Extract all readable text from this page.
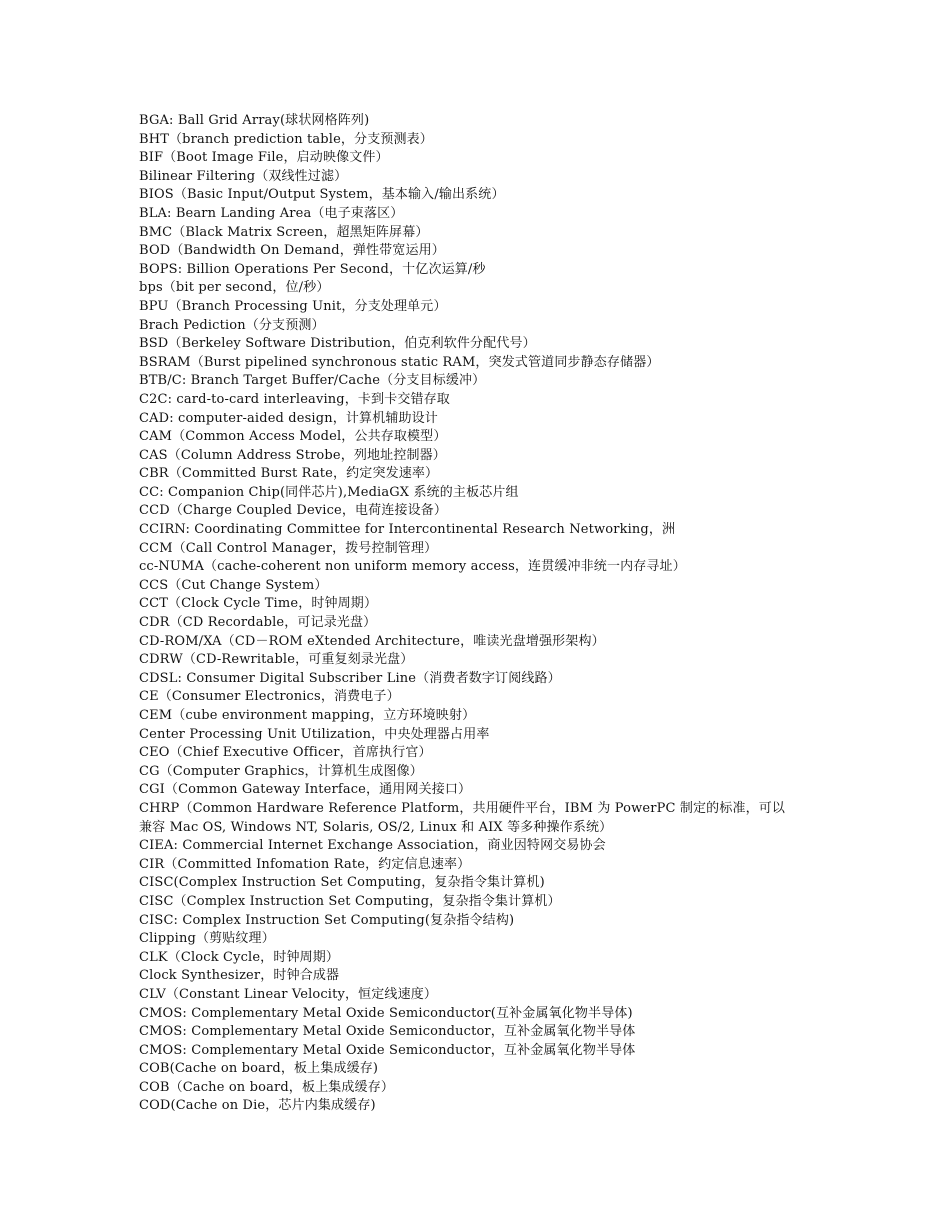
BGA: Ball Grid Array(球状网格阵列)
BHT（branch prediction table，分支预测表）
BIF（Boot Image File，启动映像文件）
Bilinear Filtering（双线性过滤）
BIOS（Basic Input/Output System，基本输入/输出系统）
BLA: Bearn Landing Area（电子束落区）
BMC（Black Matrix Screen，超黑矩阵屏幕）
BOD（Bandwidth On Demand，弹性带宽运用）
BOPS: Billion Operations Per Second，十亿次运算/秒
bps（bit per second，位/秒）
BPU（Branch Processing Unit，分支处理单元）
Brach Pediction（分支预测）
BSD（Berkeley Software Distribution，伯克利软件分配代号）
BSRAM（Burst pipelined synchronous static RAM，突发式管道同步静态存储器）
BTB/C: Branch Target Buffer/Cache（分支目标缓冲）
C2C: card-to-card interleaving，卡到卡交错存取
CAD: computer-aided design，计算机辅助设计
CAM（Common Access Model，公共存取模型）
CAS（Column Address Strobe，列地址控制器）
CBR（Committed Burst Rate，约定突发速率）
CC: Companion Chip(同伴芯片),MediaGX 系统的主板芯片组
CCD（Charge Coupled Device，电荷连接设备）
CCIRN: Coordinating Committee for Intercontinental Research Networking，洲
CCM（Call Control Manager，拨号控制管理）
cc-NUMA（cache-coherent non uniform memory access，连贯缓冲非统一内存寻址）
CCS（Cut Change System）
CCT（Clock Cycle Time，时钟周期）
CDR（CD Recordable，可记录光盘）
CD-ROM/XA（CD－ROM eXtended Architecture，唯读光盘增强形架构）
CDRW（CD-Rewritable，可重复刻录光盘）
CDSL: Consumer Digital Subscriber Line（消费者数字订阅线路）
CE（Consumer Electronics，消费电子）
CEM（cube environment mapping，立方环境映射）
Center Processing Unit Utilization，中央处理器占用率
CEO（Chief Executive Officer，首席执行官）
CG（Computer Graphics，计算机生成图像）
CGI（Common Gateway Interface，通用网关接口）
CHRP（Common Hardware Reference Platform，共用硬件平台，IBM 为 PowerPC 制定的标准，可以
兼容 Mac OS, Windows NT, Solaris, OS/2, Linux 和 AIX 等多种操作系统）
CIEA: Commercial Internet Exchange Association，商业因特网交易协会
CIR（Committed Infomation Rate，约定信息速率）
CISC(Complex Instruction Set Computing，复杂指令集计算机)
CISC（Complex Instruction Set Computing，复杂指令集计算机）
CISC: Complex Instruction Set Computing(复杂指令结构)
Clipping（剪贴纹理）
CLK（Clock Cycle，时钟周期）
Clock Synthesizer，时钟合成器
CLV（Constant Linear Velocity，恒定线速度）
CMOS: Complementary Metal Oxide Semiconductor(互补金属氧化物半导体)
CMOS: Complementary Metal Oxide Semiconductor，互补金属氧化物半导体
CMOS: Complementary Metal Oxide Semiconductor，互补金属氧化物半导体
COB(Cache on board，板上集成缓存)
COB（Cache on board，板上集成缓存）
COD(Cache on Die，芯片内集成缓存)
